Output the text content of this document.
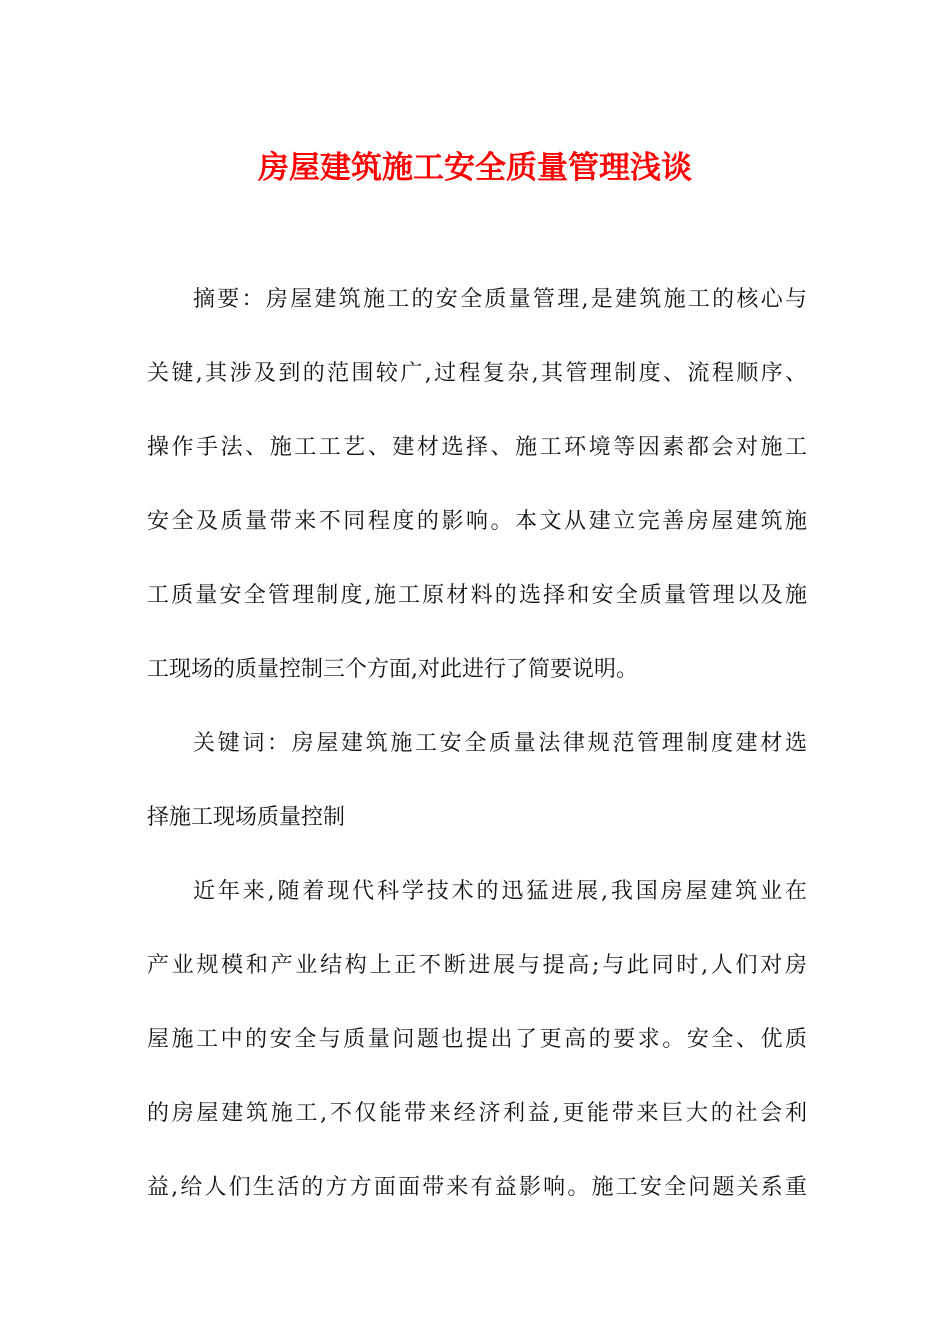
房屋建筑施工安全质量管理浅谈
摘要：房屋建筑施工的安全质量管理,是建筑施工的核心与
关键,其涉及到的范围较广,过程复杂,其管理制度、流程顺序、
操作手法、施工工艺、建材选择、施工环境等因素都会对施工
安全及质量带来不同程度的影响。本文从建立完善房屋建筑施
工质量安全管理制度,施工原材料的选择和安全质量管理以及施
工现场的质量控制三个方面,对此进行了简要说明。
关键词：房屋建筑施工安全质量法律规范管理制度建材选
择施工现场质量控制
近年来,随着现代科学技术的迅猛进展,我国房屋建筑业在
产业规模和产业结构上正不断进展与提高;与此同时,人们对房
屋施工中的安全与质量问题也提出了更高的要求。安全、优质
的房屋建筑施工,不仅能带来经济利益,更能带来巨大的社会利
益,给人们生活的方方面面带来有益影响。施工安全问题关系重
